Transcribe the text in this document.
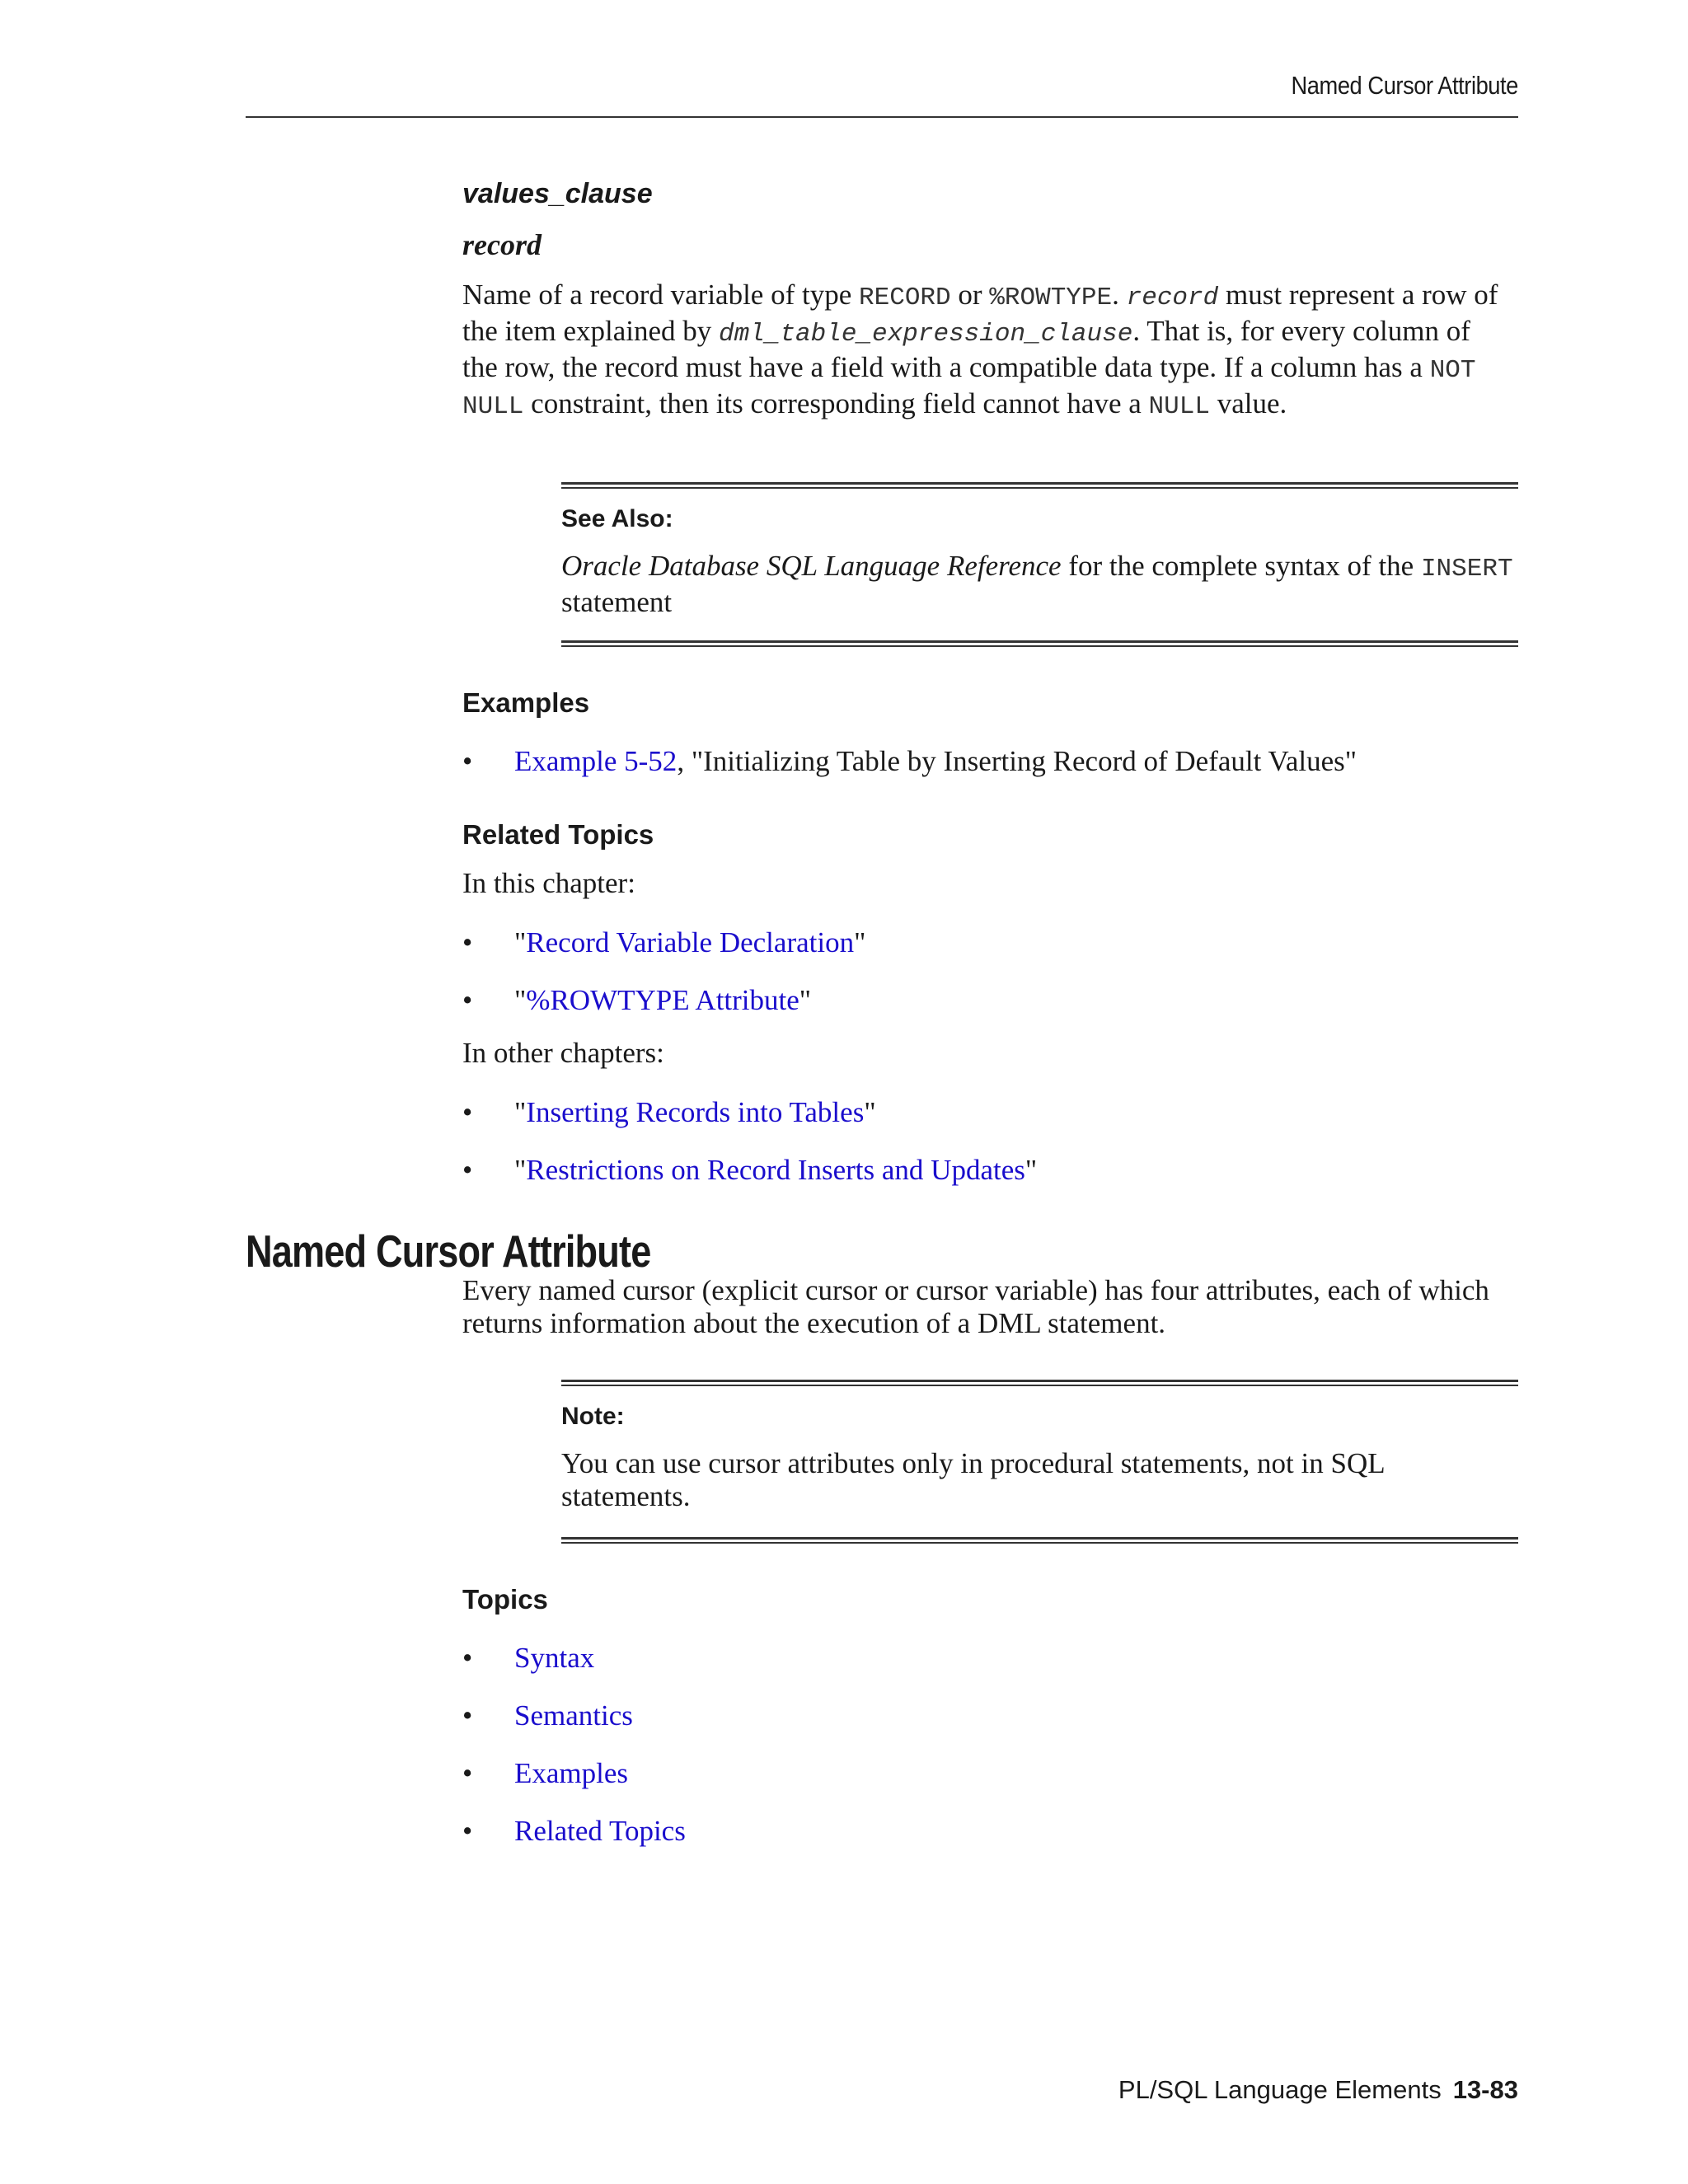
Named Cursor Attribute
values_clause
record
Name of a record variable of type RECORD or %ROWTYPE. record must represent a row of the item explained by dml_table_expression_clause. That is, for every column of the row, the record must have a field with a compatible data type. If a column has a NOT NULL constraint, then its corresponding field cannot have a NULL value.
See Also:
Oracle Database SQL Language Reference for the complete syntax of the INSERT statement
Examples
• Example 5-52, "Initializing Table by Inserting Record of Default Values"
Related Topics
In this chapter:
• "Record Variable Declaration"
• "%ROWTYPE Attribute"
In other chapters:
• "Inserting Records into Tables"
• "Restrictions on Record Inserts and Updates"
Named Cursor Attribute
Every named cursor (explicit cursor or cursor variable) has four attributes, each of which returns information about the execution of a DML statement.
Note:
You can use cursor attributes only in procedural statements, not in SQL statements.
Topics
• Syntax
• Semantics
• Examples
• Related Topics
PL/SQL Language Elements 13-83
